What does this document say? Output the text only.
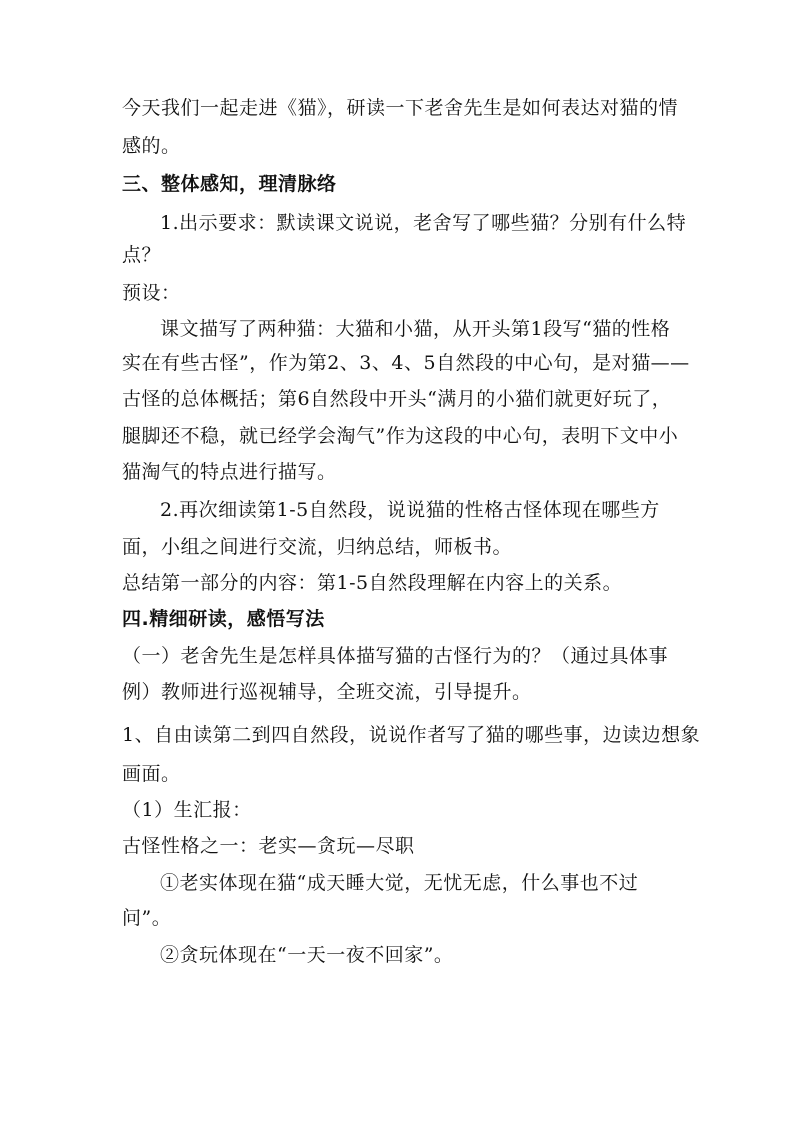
今天我们一起走进《猫》，研读一下老舍先生是如何表达对猫的情
感的。
三、整体感知，理清脉络
1.出示要求：默读课文说说，老舍写了哪些猫？分别有什么特
点？
预设：
课文描写了两种猫：大猫和小猫，从开头第1段写“猫的性格
实在有些古怪”，作为第2、3、4、5自然段的中心句，是对猫——
古怪的总体概括；第6自然段中开头“满月的小猫们就更好玩了，
腿脚还不稳，就已经学会淘气”作为这段的中心句，表明下文中小
猫淘气的特点进行描写。
2.再次细读第1-5自然段，说说猫的性格古怪体现在哪些方
面，小组之间进行交流，归纳总结，师板书。
总结第一部分的内容：第1-5自然段理解在内容上的关系。
四.精细研读，感悟写法
（一）老舍先生是怎样具体描写猫的古怪行为的？（通过具体事
例）教师进行巡视辅导，全班交流，引导提升。
1、自由读第二到四自然段，说说作者写了猫的哪些事，边读边想象
画面。
（1）生汇报：
古怪性格之一：老实—贪玩—尽职
①老实体现在猫“成天睡大觉，无忧无虑，什么事也不过
问”。
②贪玩体现在“一天一夜不回家”。
